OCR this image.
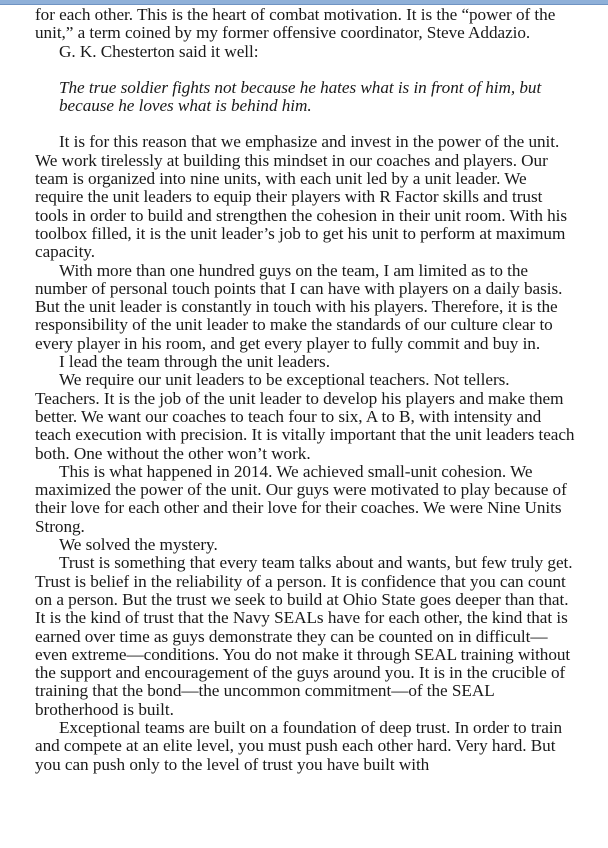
for each other. This is the heart of combat motivation. It is the “power of the unit,” a term coined by my former offensive coordinator, Steve Addazio.

G. K. Chesterton said it well:

The true soldier fights not because he hates what is in front of him, but because he loves what is behind him.

It is for this reason that we emphasize and invest in the power of the unit. We work tirelessly at building this mindset in our coaches and players. Our team is organized into nine units, with each unit led by a unit leader. We require the unit leaders to equip their players with R Factor skills and trust tools in order to build and strengthen the cohesion in their unit room. With his toolbox filled, it is the unit leader’s job to get his unit to perform at maximum capacity.

With more than one hundred guys on the team, I am limited as to the number of personal touch points that I can have with players on a daily basis. But the unit leader is constantly in touch with his players. Therefore, it is the responsibility of the unit leader to make the standards of our culture clear to every player in his room, and get every player to fully commit and buy in.

I lead the team through the unit leaders.

We require our unit leaders to be exceptional teachers. Not tellers. Teachers. It is the job of the unit leader to develop his players and make them better. We want our coaches to teach four to six, A to B, with intensity and teach execution with precision. It is vitally important that the unit leaders teach both. One without the other won’t work.

This is what happened in 2014. We achieved small-unit cohesion. We maximized the power of the unit. Our guys were motivated to play because of their love for each other and their love for their coaches. We were Nine Units Strong.

We solved the mystery.

Trust is something that every team talks about and wants, but few truly get. Trust is belief in the reliability of a person. It is confidence that you can count on a person. But the trust we seek to build at Ohio State goes deeper than that. It is the kind of trust that the Navy SEALs have for each other, the kind that is earned over time as guys demonstrate they can be counted on in difficult—even extreme—conditions. You do not make it through SEAL training without the support and encouragement of the guys around you. It is in the crucible of training that the bond—the uncommon commitment—of the SEAL brotherhood is built.

Exceptional teams are built on a foundation of deep trust. In order to train and compete at an elite level, you must push each other hard. Very hard. But you can push only to the level of trust you have built with
